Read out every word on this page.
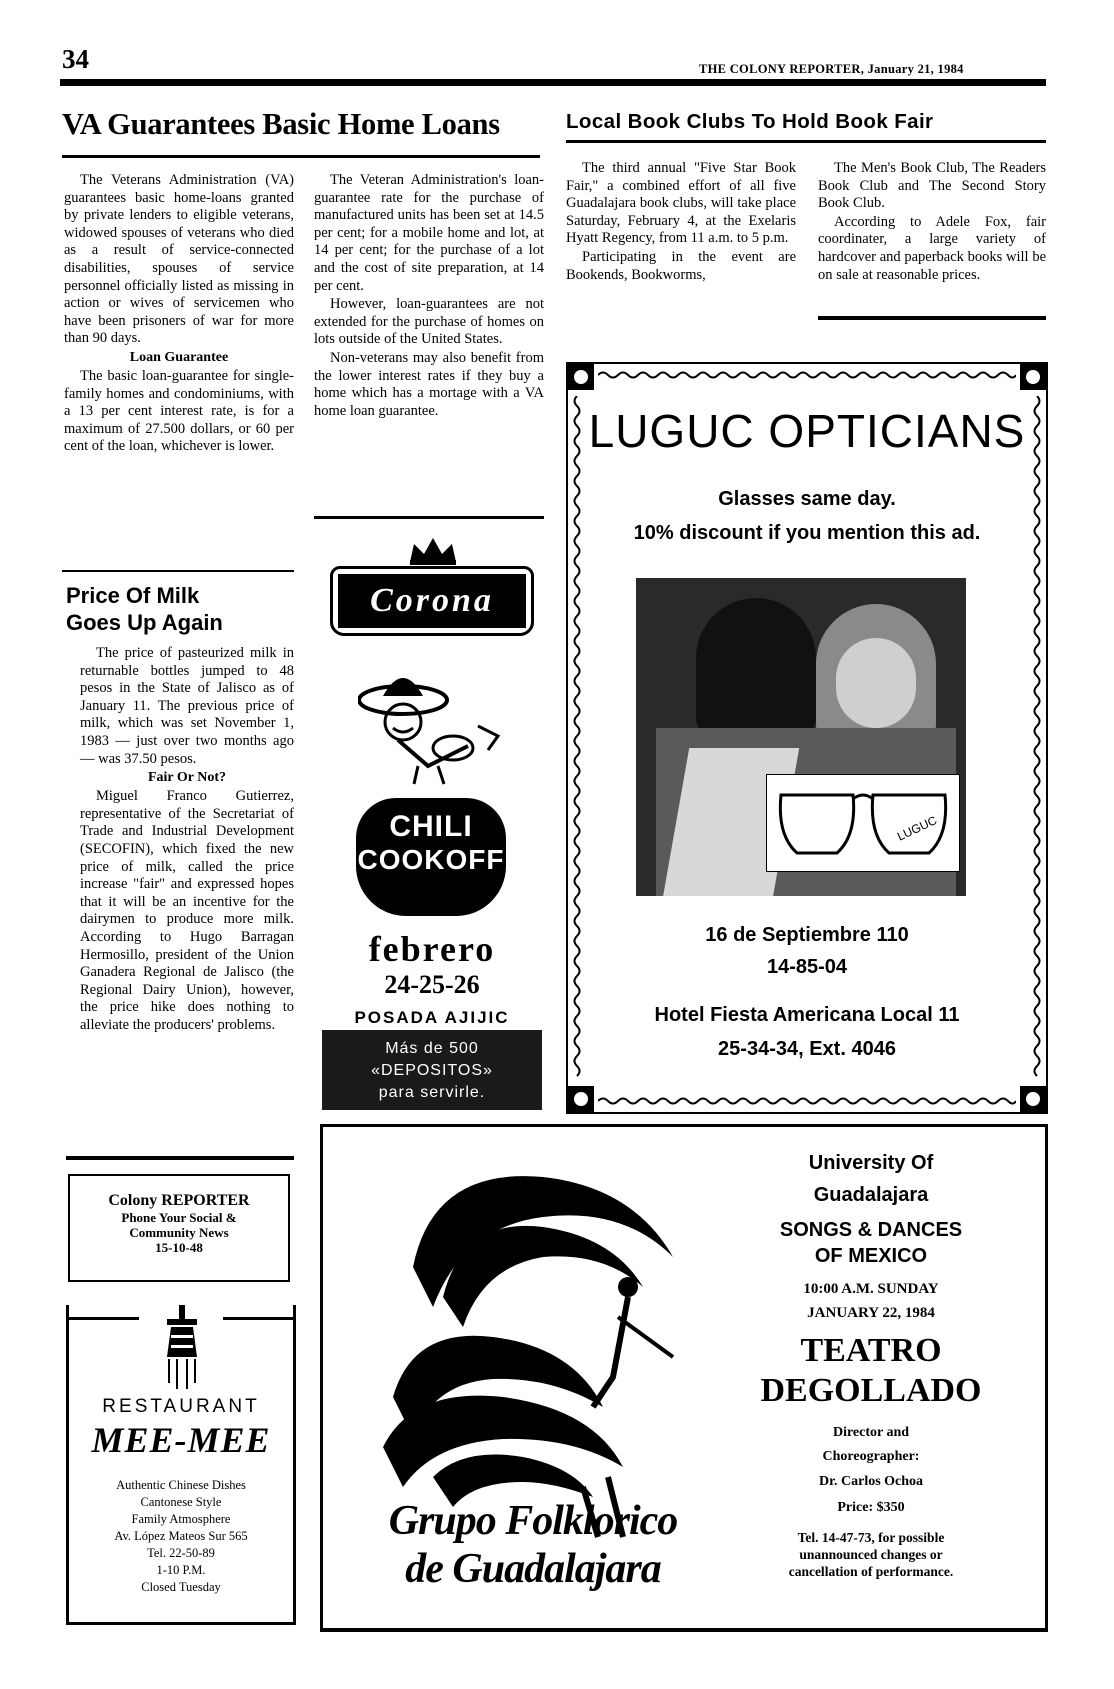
34	THE COLONY REPORTER, January 21, 1984
VA Guarantees Basic Home Loans

The Veterans Administration (VA) guarantees basic home-loans granted by private lenders to eligible veterans, widowed spouses of veterans who died as a result of service-connected disabilities, spouses of service personnel officially listed as missing in action or wives of servicemen who have been prisoners of war for more than 90 days.

Loan Guarantee

The basic loan-guarantee for single-family homes and condominiums, with a 13 per cent interest rate, is for a maximum of 27.500 dollars, or 60 per cent of the loan, whichever is lower.

The Veteran Administration's loan-guarantee rate for the purchase of manufactured units has been set at 14.5 per cent; for a mobile home and lot, at 14 per cent; for the purchase of a lot and the cost of site preparation, at 14 per cent.

However, loan-guarantees are not extended for the purchase of homes on lots outside of the United States.

Non-veterans may also benefit from the lower interest rates if they buy a home which has a mortage with a VA home loan guarantee.

Price Of Milk
Goes Up Again

The price of pasteurized milk in returnable bottles jumped to 48 pesos in the State of Jalisco as of January 11. The previous price of milk, which was set November 1, 1983 — just over two months ago — was 37.50 pesos.

Fair Or Not?

Miguel Franco Gutierrez, representative of the Secretariat of Trade and Industrial Development (SECOFIN), which fixed the new price of milk, called the price increase "fair" and expressed hopes that it will be an incentive for the dairymen to produce more milk. According to Hugo Barragan Hermosillo, president of the Union Ganadera Regional de Jalisco (the Regional Dairy Union), however, the price hike does nothing to alleviate the producers' problems.

Colony REPORTER
Phone Your Social &
Community News
15-10-48
RESTAURANT
MEE-MEE
Authentic Chinese Dishes
Cantonese Style
Family Atmosphere
Av. López Mateos Sur 565
Tel. 22-50-89
1-10 P.M.
Closed Tuesday
Local Book Clubs To Hold Book Fair

The third annual "Five Star Book Fair," a combined effort of all five Guadalajara book clubs, will take place Saturday, February 4, at the Exelaris Hyatt Regency, from 11 a.m. to 5 p.m.

Participating in the event are Bookends, Bookworms,

The Men's Book Club, The Readers Book Club and The Second Story Book Club.

According to Adele Fox, fair coordinater, a large variety of hardcover and paperback books will be on sale at reasonable prices.

Corona
CHILI
COOKOFF
febrero
24-25-26
POSADA AJIJIC
Más de 500
«DEPOSITOS»
para servirle.
LUGUC OPTICIANS
Glasses same day.
10% discount if you mention this ad.
LUGUC
16 de Septiembre 110
14-85-04
Hotel Fiesta Americana Local 11
25-34-34, Ext. 4046
Grupo Folklorico
de Guadalajara
University Of
Guadalajara
SONGS & DANCES
OF MEXICO
10:00 A.M. SUNDAY
JANUARY 22, 1984
TEATRO
DEGOLLADO
Director and
Choreographer:
Dr. Carlos Ochoa
Price: $350
Tel. 14-47-73, for possible
unannounced changes or
cancellation of performance.
